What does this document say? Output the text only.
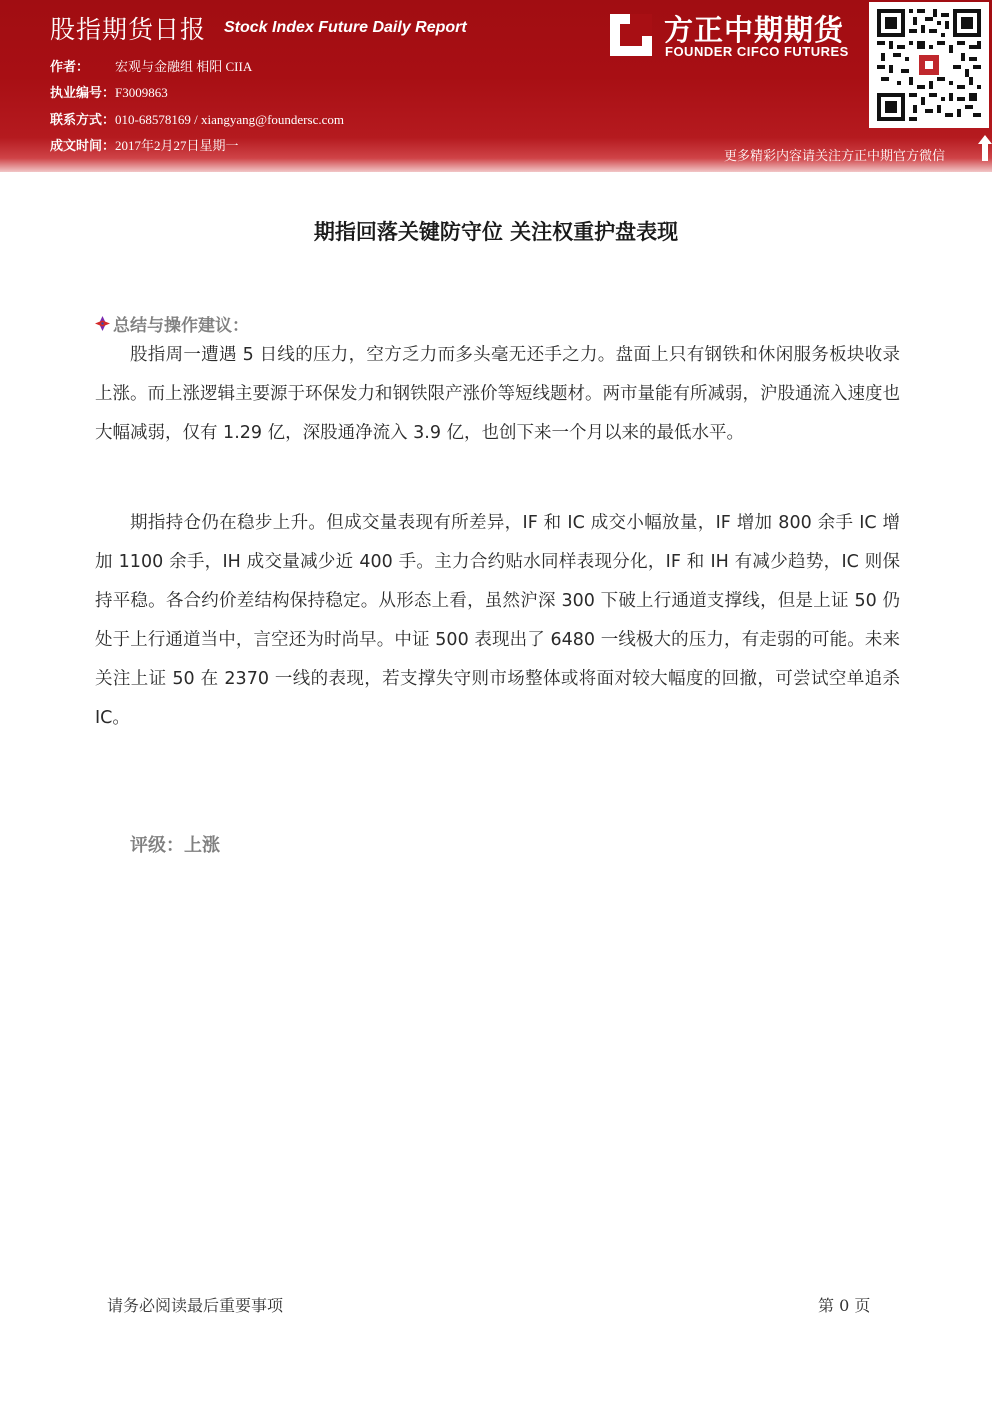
股指期货日报 Stock Index Future Daily Report
作者： 宏观与金融组 相阳 CIIA
执业编号：F3009863
联系方式：010-68578169 / xiangyang@foundersc.com
成文时间：2017年2月27日星期一
方正中期期货
FOUNDER CIFCO FUTURES
更多精彩内容请关注方正中期官方微信
期指回落关键防守位 关注权重护盘表现
总结与操作建议：

股指周一遭遇 5 日线的压力，空方乏力而多头毫无还手之力。盘面上只有钢铁和休闲服务板块收录上涨。而上涨逻辑主要源于环保发力和钢铁限产涨价等短线题材。两市量能有所减弱，沪股通流入速度也大幅减弱，仅有 1.29 亿，深股通净流入 3.9 亿，也创下来一个月以来的最低水平。

期指持仓仍在稳步上升。但成交量表现有所差异，IF 和 IC 成交小幅放量，IF 增加 800 余手 IC 增加 1100 余手，IH 成交量减少近 400 手。主力合约贴水同样表现分化，IF 和 IH 有减少趋势，IC 则保持平稳。各合约价差结构保持稳定。从形态上看，虽然沪深 300 下破上行通道支撑线，但是上证 50 仍处于上行通道当中，言空还为时尚早。中证 500 表现出了 6480 一线极大的压力，有走弱的可能。未来关注上证 50 在 2370 一线的表现，若支撑失守则市场整体或将面对较大幅度的回撤，可尝试空单追杀 IC。

评级：上涨
请务必阅读最后重要事项	第 0 页
